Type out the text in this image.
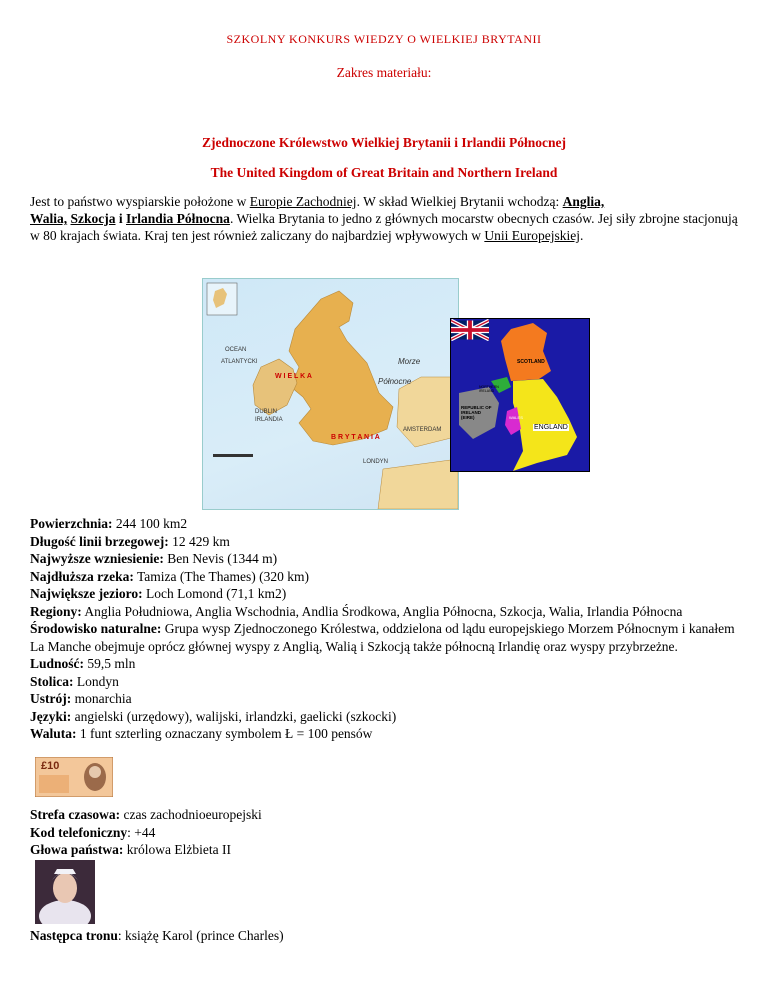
SZKOLNY KONKURS WIEDZY O WIELKIEJ BRYTANII
Zakres materiału:
Zjednoczone Królewstwo Wielkiej Brytanii i Irlandii Północnej
The United Kingdom of Great Britain and Northern Ireland
Jest to państwo wyspiarskie położone w Europie Zachodniej. W skład Wielkiej Brytanii wchodzą: Anglia,
Walia, Szkocja i Irlandia Północna. Wielka Brytania to jedno z głównych mocarstw obecnych czasów. Jej siły zbrojne stacjonują w 80 krajach świata. Kraj ten jest również zaliczany do najbardziej wpływowych w Unii Europejskiej.
OCEAN
ATLANTYCKI	Morze
Północne
W I E L K A
B R Y T A N I A
DUBLIN
IRLANDIA
LONDYN
AMSTERDAM
SCOTLAND
NORTHERN IRELAND
REPUBLIC OF IRELAND (EIRE)	WALES
ENGLAND

Powierzchnia: 244 100 km2

Długość linii brzegowej: 12 429 km

Najwyższe wzniesienie: Ben Nevis (1344 m)

Najdłuższa rzeka: Tamiza (The Thames) (320 km)

Największe jezioro: Loch Lomond (71,1 km2)

Regiony: Anglia Południowa, Anglia Wschodnia, Andlia Środkowa, Anglia Północna, Szkocja, Walia, Irlandia Północna

Środowisko naturalne: Grupa wysp Zjednoczonego Królestwa, oddzielona od lądu europejskiego Morzem Północnym i kanałem La Manche obejmuje oprócz głównej wyspy z Anglią, Walią i Szkocją także północną Irlandię oraz wyspy przybrzeżne.

Ludność: 59,5 mln

Stolica: Londyn

Ustrój: monarchia

Języki: angielski (urzędowy), walijski, irlandzki, gaelicki (szkocki)

Waluta: 1 funt szterling oznaczany symbolem Ł = 100 pensów

£10

Strefa czasowa: czas zachodnioeuropejski

Kod telefoniczny: +44

Głowa państwa: królowa Elżbieta II

Następca tronu: książę Karol (prince Charles)
